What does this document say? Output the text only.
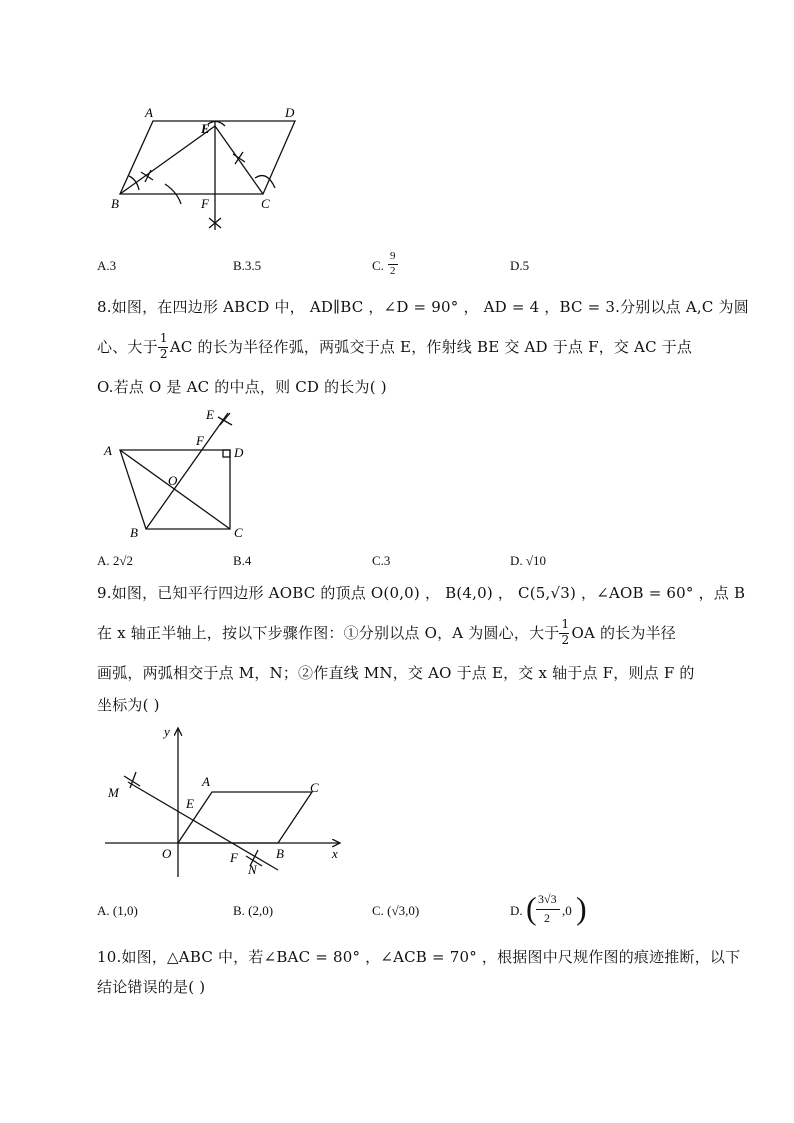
A	D
E
B	F	C
A.3	B.3.5	C.
9
2	D.5
8.如图，在四边形 ABCD 中， AD∥BC ，∠D = 90° ， AD = 4 ，BC = 3.分别以点 A,C 为圆
心、大于 $\frac{1}{2}$ AC 的长为半径作弧，两弧交于点 E，作射线 BE 交 AD 于点 F，交 AC 于点
O.若点 O 是 AC 的中点，则 CD 的长为( )
A	D
E
F
O
B	C
A. 2√2	B.4	C.3	D. √10
9.如图，已知平行四边形 AOBC 的顶点 O(0,0) ， B(4,0) ， C(5,√3) ，∠AOB = 60° ，点 B
在 x 轴正半轴上，按以下步骤作图：①分别以点 O，A 为圆心，大于 $\frac{1}{2}$ OA 的长为半径
画弧，两弧相交于点 M，N；②作直线 MN，交 AO 于点 E，交 x 轴于点 F，则点 F 的
坐标为( )
y
x
M
A	C
E
O	F	B
N
A. (1,0)	B. (2,0)	C. (√3,0)	D. ( 3√3
2 ,0 )
10.如图，△ABC 中，若∠BAC = 80° ，∠ACB = 70° ，根据图中尺规作图的痕迹推断，以下
结论错误的是( )
